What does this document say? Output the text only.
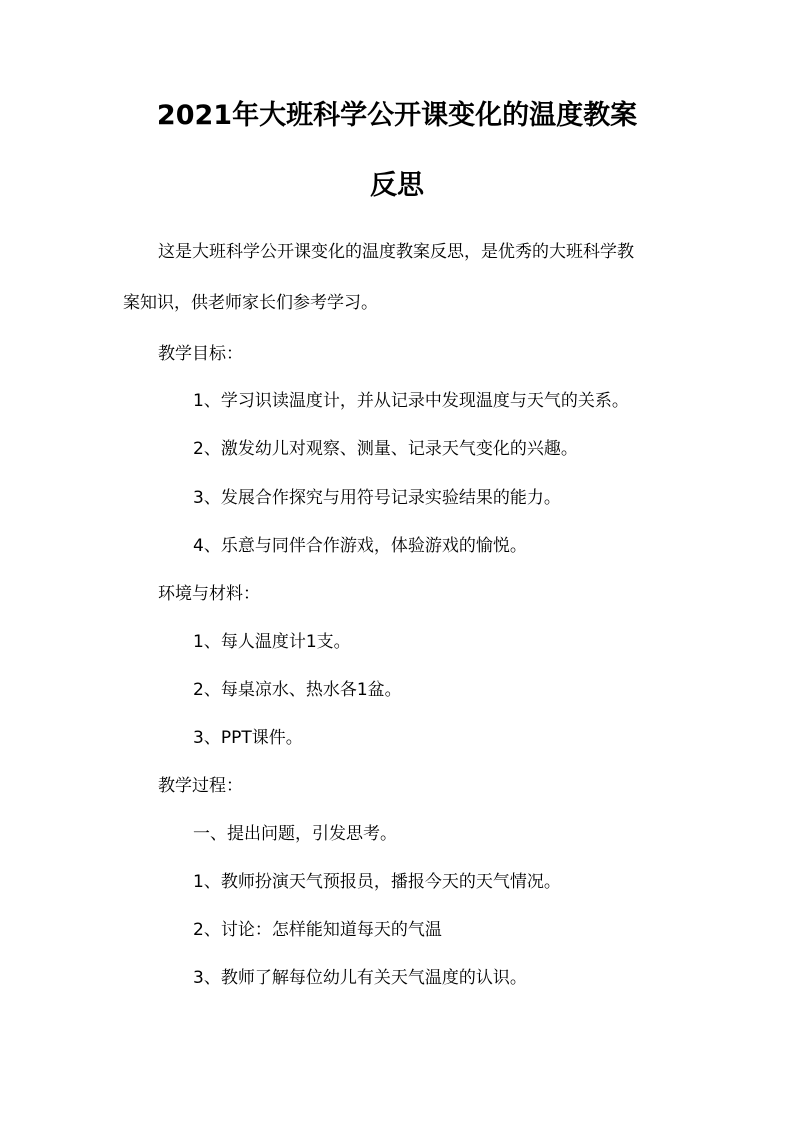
2021年大班科学公开课变化的温度教案
反思
这是大班科学公开课变化的温度教案反思，是优秀的大班科学教
案知识，供老师家长们参考学习。
教学目标：
1、学习识读温度计，并从记录中发现温度与天气的关系。
2、激发幼儿对观察、测量、记录天气变化的兴趣。
3、发展合作探究与用符号记录实验结果的能力。
4、乐意与同伴合作游戏，体验游戏的愉悦。
环境与材料：
1、每人温度计1支。
2、每桌凉水、热水各1盆。
3、PPT课件。
教学过程：
一、提出问题，引发思考。
1、教师扮演天气预报员，播报今天的天气情况。
2、讨论：怎样能知道每天的气温
3、教师了解每位幼儿有关天气温度的认识。
